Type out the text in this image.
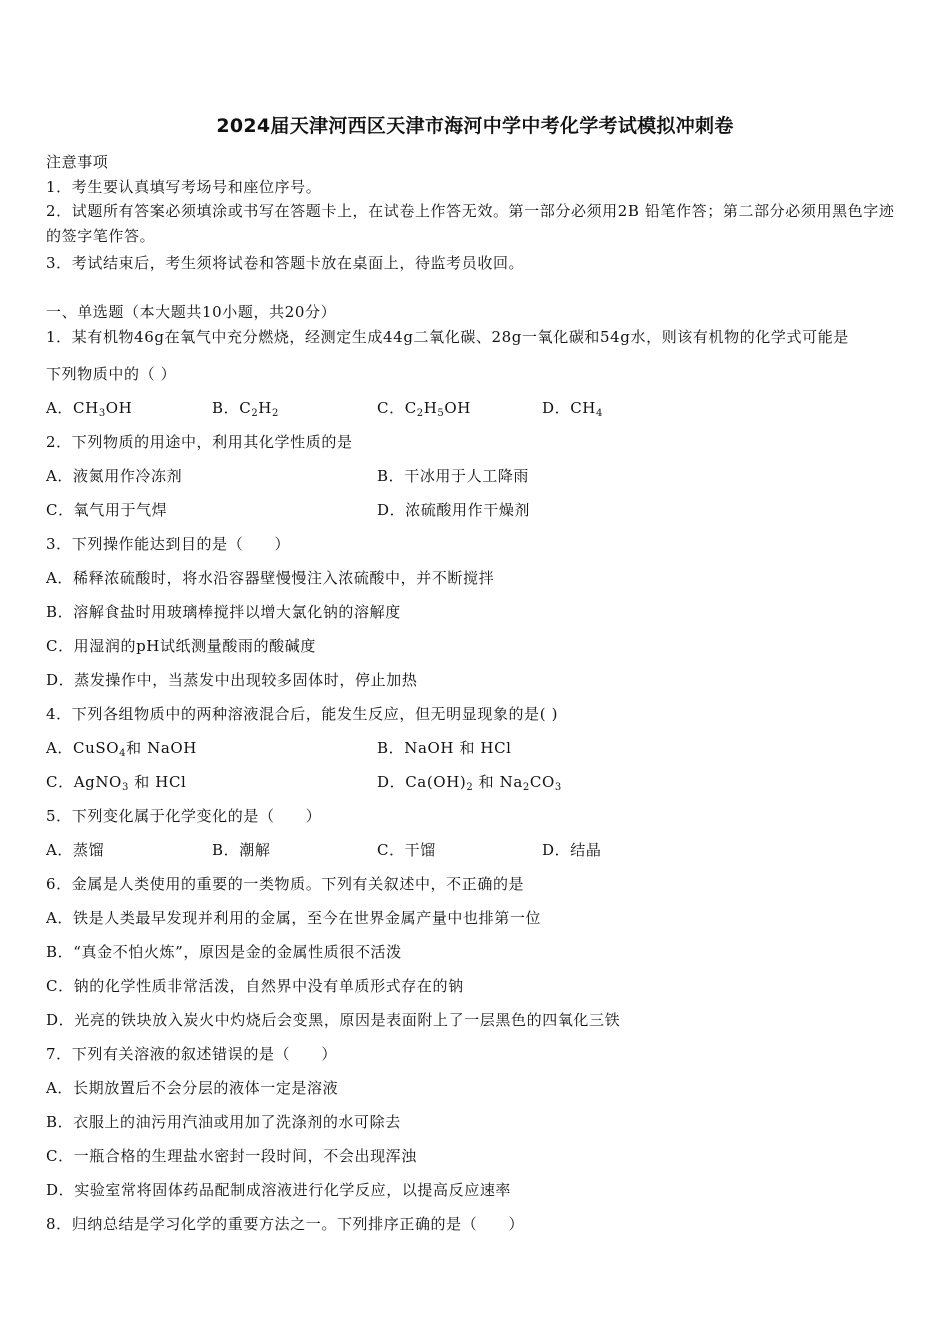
2024届天津河西区天津市海河中学中考化学考试模拟冲刺卷
注意事项
1．考生要认真填写考场号和座位序号。
2．试题所有答案必须填涂或书写在答题卡上，在试卷上作答无效。第一部分必须用2B 铅笔作答；第二部分必须用黑色字迹的签字笔作答。
3．考试结束后，考生须将试卷和答题卡放在桌面上，待监考员收回。
一、单选题（本大题共10小题，共20分）
1．某有机物46g在氧气中充分燃烧，经测定生成44g二氧化碳、28g一氧化碳和54g水，则该有机物的化学式可能是
下列物质中的（ ）
A．$CH_3OH$	B．$C_2H_2$	C．$C_2H_5OH$	D．$CH_4$
2．下列物质的用途中，利用其化学性质的是
A．液氮用作冷冻剂	B．干冰用于人工降雨
C．氧气用于气焊	D．浓硫酸用作干燥剂
3．下列操作能达到目的是（　　）
A．稀释浓硫酸时，将水沿容器壁慢慢注入浓硫酸中，并不断搅拌
B．溶解食盐时用玻璃棒搅拌以增大氯化钠的溶解度
C．用湿润的pH试纸测量酸雨的酸碱度
D．蒸发操作中，当蒸发中出现较多固体时，停止加热
4．下列各组物质中的两种溶液混合后，能发生反应，但无明显现象的是( )
A．CuSO$_4$和 NaOH	B．NaOH 和 HCl
C．AgNO$_3$ 和 HCl	D．$Ca(OH)_2$ 和 $Na_2CO_3$
5．下列变化属于化学变化的是（　　）
A．蒸馏	B．潮解	C．干馏	D．结晶
6．金属是人类使用的重要的一类物质。下列有关叙述中，不正确的是
A．铁是人类最早发现并利用的金属，至今在世界金属产量中也排第一位
B．“真金不怕火炼”，原因是金的金属性质很不活泼
C．钠的化学性质非常活泼，自然界中没有单质形式存在的钠
D．光亮的铁块放入炭火中灼烧后会变黑，原因是表面附上了一层黑色的四氧化三铁
7．下列有关溶液的叙述错误的是（　　）
A．长期放置后不会分层的液体一定是溶液
B．衣服上的油污用汽油或用加了洗涤剂的水可除去
C．一瓶合格的生理盐水密封一段时间，不会出现浑浊
D．实验室常将固体药品配制成溶液进行化学反应，以提高反应速率
8．归纳总结是学习化学的重要方法之一。下列排序正确的是（　　）
